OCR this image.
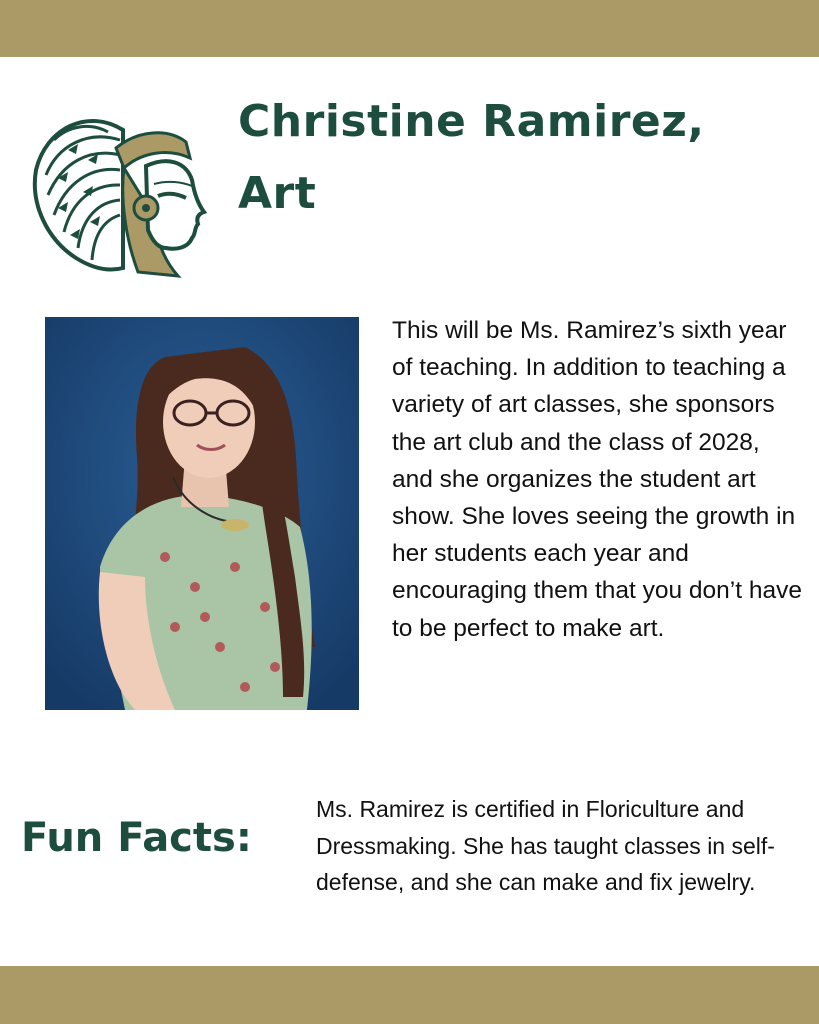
Christine Ramirez,
Art
This will be Ms. Ramirez’s sixth year of teaching. In addition to teaching a variety of art classes, she sponsors the art club and the class of 2028, and she organizes the student art show. She loves seeing the growth in her students each year and encouraging them that you don’t have to be perfect to make art.
Fun Facts:
Ms. Ramirez is certified in Floriculture and Dressmaking. She has taught classes in self-defense, and she can make and fix jewelry.
